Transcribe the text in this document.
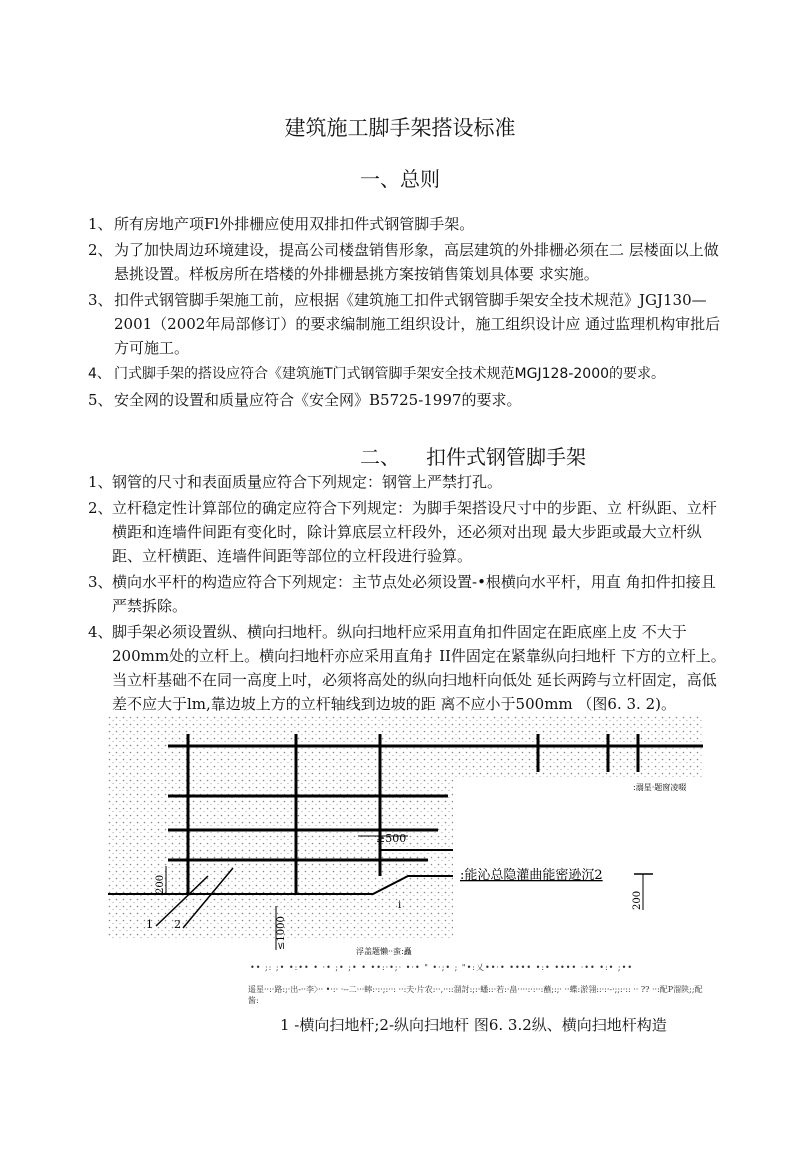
建筑施工脚手架搭设标准
一、总则
1、 所有房地产项Fl外排栅应使用双排扣件式钢管脚手架。
2、 为了加快周边环境建设，提高公司楼盘销售形象，高层建筑的外排栅必须在二 层楼面以上做悬挑设置。样板房所在塔楼的外排栅悬挑方案按销售策划具体要 求实施。
3、 扣件式钢管脚手架施工前，应根据《建筑施工扣件式钢管脚手架安全技术规范》JGJ130—2001（2002年局部修订）的要求编制施工组织设计，施工组织设计应 通过监理机构审批后方可施工。
4、 门式脚手架的搭设应符合《建筑施T门式钢管脚手架安全技术规范MGJ128-2000的要求。
5、 安全网的设置和质量应符合《安全网》B5725-1997的要求。
二、 扣件式钢管脚手架
1、 钢管的尺寸和表面质量应符合下列规定：钢管上严禁打孔。
2、 立杆稳定性计算部位的确定应符合下列规定：为脚手架搭设尺寸中的步距、立 杆纵距、立杆横距和连墙件间距有变化时，除计算底层立杆段外，还必须对出现 最大步距或最大立杆纵距、立杆横距、连墙件间距等部位的立杆段进行验算。
3、 横向水平杆的构造应符合下列规定：主节点处必须设置-•根横向水平杆，用直 角扣件扣接且严禁拆除。
4、 脚手架必须设置纵、横向扫地杆。纵向扫地杆应采用直角扣件固定在距底座上皮 不大于200mm处的立杆上。横向扫地杆亦应采用直角扌II件固定在紧靠纵向扫地杆 下方的立杆上。当立杆基础不在同一高度上吋，必须将高处的纵向扫地杆向低处 延长两跨与立杆固定，高低差不应大于lm,靠边坡上方的立杆轴线到边坡的距 离不应小于500mm （图6. 3. 2)。
≥500
200
≤1000
200
1 2
i
:能沁总隐灌曲能密逊沉2
:溺星·题窗凌啜
浮盖题懒··蛮:矗
•• ;: ;• •:•• • ·• ;• ;• • ••:·•;· •·• " •·;• ; "•:乂••·• •••• •:• •••• ·•• •:• ;••
遥星··:·路:;·出-··李〉·· •·:· ·--二···蟀:·:·;:··: ··:夫·片农:··,··::溜討:;:·蟠::·若:·畠····:·:··:蘸;:;· ··蝶:淤翎::·:·-·;;:·:: ·· ?? ··:配P溜陕;;配酱:
1 -横向扫地杆;2-纵向扫地杆 图6. 3.2纵、横向扫地杆构造
